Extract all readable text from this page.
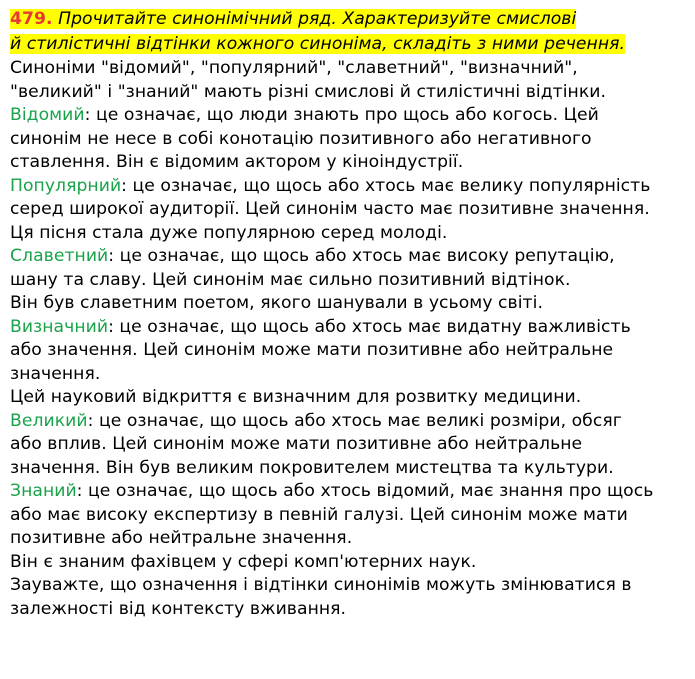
479. Прочитайте синонімічний ряд. Характеризуйте смислові
й стилістичні відтінки кожного синоніма, складіть з ними речення.
Синоніми "відомий", "популярний", "славетний", "визначний",
"великий" і "знаний" мають різні смислові й стилістичні відтінки.
Відомий: це означає, що люди знають про щось або когось. Цей
синонім не несе в собі конотацію позитивного або негативного
ставлення. Він є відомим актором у кіноіндустрії.
Популярний: це означає, що щось або хтось має велику популярність
серед широкої аудиторії. Цей синонім часто має позитивне значення.
Ця пісня стала дуже популярною серед молоді.
Славетний: це означає, що щось або хтось має високу репутацію,
шану та славу. Цей синонім має сильно позитивний відтінок.
Він був славетним поетом, якого шанували в усьому світі.
Визначний: це означає, що щось або хтось має видатну важливість
або значення. Цей синонім може мати позитивне або нейтральне
значення.
Цей науковий відкриття є визначним для розвитку медицини.
Великий: це означає, що щось або хтось має великі розміри, обсяг
або вплив. Цей синонім може мати позитивне або нейтральне
значення. Він був великим покровителем мистецтва та культури.
Знаний: це означає, що щось або хтось відомий, має знання про щось
або має високу експертизу в певній галузі. Цей синонім може мати
позитивне або нейтральне значення.
Він є знаним фахівцем у сфері комп'ютерних наук.
Зауважте, що означення і відтінки синонімів можуть змінюватися в
залежності від контексту вживання.
